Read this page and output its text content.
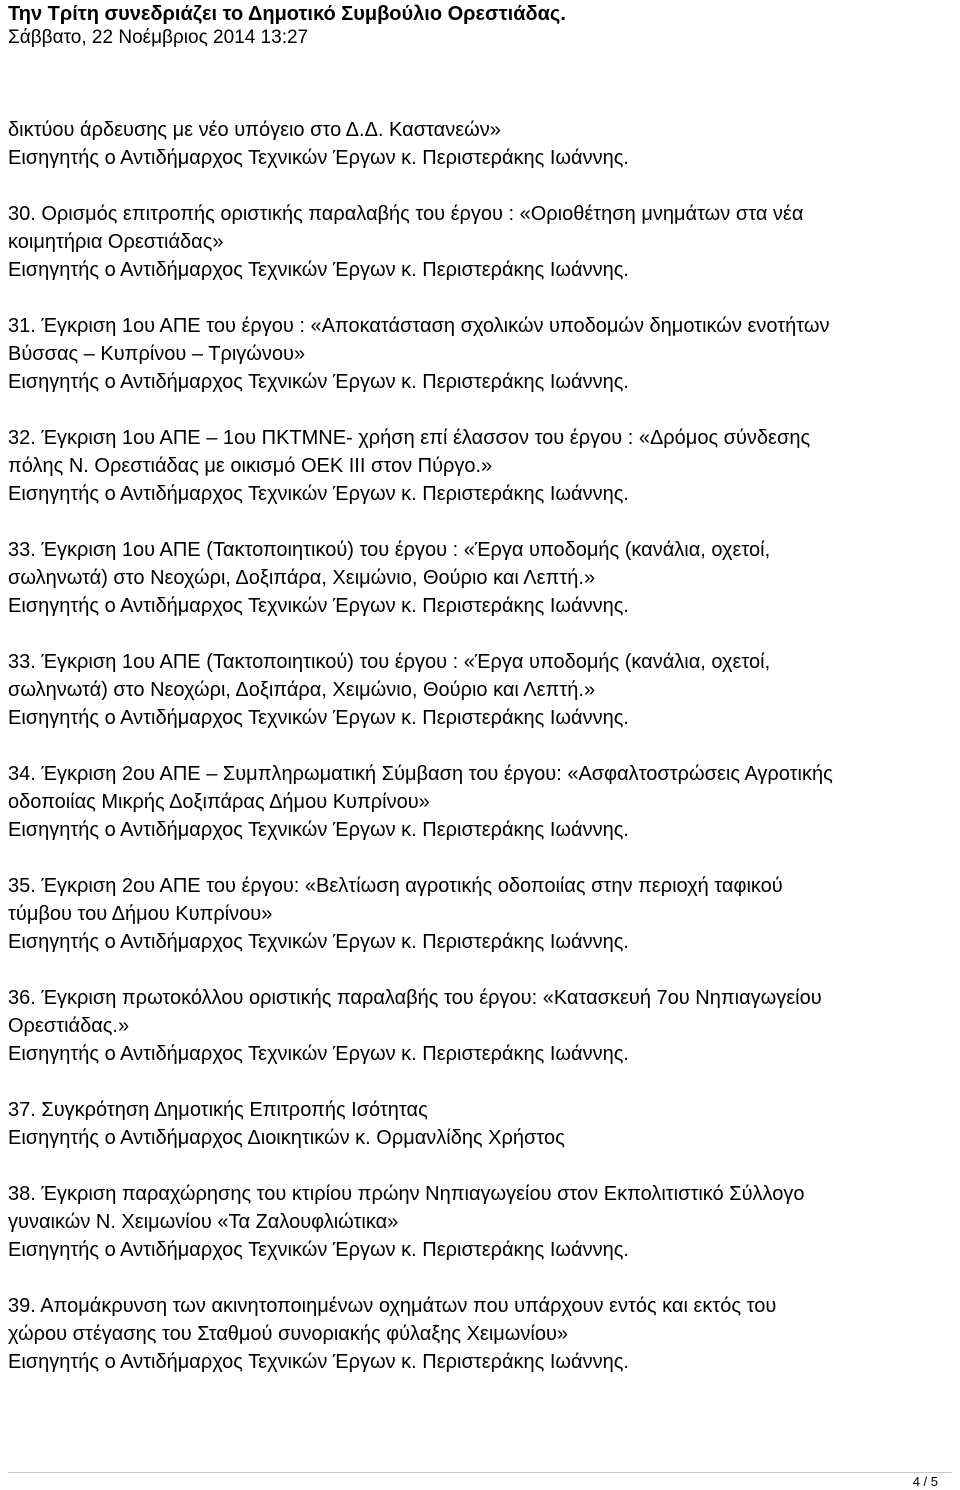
Την Τρίτη συνεδριάζει το Δημοτικό Συμβούλιο Ορεστιάδας.
Σάββατο, 22 Νοέμβριος 2014 13:27
δικτύου άρδευσης με νέο υπόγειο στο Δ.Δ. Καστανεών»
Εισηγητής ο Αντιδήμαρχος Τεχνικών Έργων κ. Περιστεράκης Ιωάννης.
30. Ορισμός επιτροπής οριστικής παραλαβής του έργου : «Οριοθέτηση μνημάτων στα νέα
κοιμητήρια Ορεστιάδας»
Εισηγητής ο Αντιδήμαρχος Τεχνικών Έργων κ. Περιστεράκης Ιωάννης.
31. Έγκριση 1ου ΑΠΕ του έργου : «Αποκατάσταση σχολικών υποδομών δημοτικών ενοτήτων
Βύσσας – Κυπρίνου – Τριγώνου»
Εισηγητής ο Αντιδήμαρχος Τεχνικών Έργων κ. Περιστεράκης Ιωάννης.
32. Έγκριση 1ου ΑΠΕ – 1ου ΠΚΤΜΝΕ- χρήση επί έλασσον του έργου : «Δρόμος σύνδεσης
πόλης Ν. Ορεστιάδας με οικισμό ΟΕΚ ΙΙΙ στον Πύργο.»
Εισηγητής ο Αντιδήμαρχος Τεχνικών Έργων κ. Περιστεράκης Ιωάννης.
33. Έγκριση 1ου ΑΠΕ (Τακτοποιητικού) του έργου : «Έργα υποδομής (κανάλια, οχετοί,
σωληνωτά) στο Νεοχώρι, Δοξιπάρα, Χειμώνιο, Θούριο και Λεπτή.»
Εισηγητής ο Αντιδήμαρχος Τεχνικών Έργων κ. Περιστεράκης Ιωάννης.
33. Έγκριση 1ου ΑΠΕ (Τακτοποιητικού) του έργου : «Έργα υποδομής (κανάλια, οχετοί,
σωληνωτά) στο Νεοχώρι, Δοξιπάρα, Χειμώνιο, Θούριο και Λεπτή.»
Εισηγητής ο Αντιδήμαρχος Τεχνικών Έργων κ. Περιστεράκης Ιωάννης.
34. Έγκριση 2ου ΑΠΕ – Συμπληρωματική Σύμβαση του έργου: «Ασφαλτοστρώσεις Αγροτικής
οδοποιίας Μικρής Δοξιπάρας Δήμου Κυπρίνου»
Εισηγητής ο Αντιδήμαρχος Τεχνικών Έργων κ. Περιστεράκης Ιωάννης.
35. Έγκριση 2ου ΑΠΕ του έργου: «Βελτίωση αγροτικής οδοποιίας στην περιοχή ταφικού
τύμβου του Δήμου Κυπρίνου»
Εισηγητής ο Αντιδήμαρχος Τεχνικών Έργων κ. Περιστεράκης Ιωάννης.
36. Έγκριση πρωτοκόλλου οριστικής παραλαβής του έργου: «Κατασκευή 7ου Νηπιαγωγείου
Ορεστιάδας.»
Εισηγητής ο Αντιδήμαρχος Τεχνικών Έργων κ. Περιστεράκης Ιωάννης.
37. Συγκρότηση Δημοτικής Επιτροπής Ισότητας
Εισηγητής ο Αντιδήμαρχος Διοικητικών κ. Ορμανλίδης Χρήστος
38. Έγκριση παραχώρησης του κτιρίου πρώην Νηπιαγωγείου στον Εκπολιτιστικό Σύλλογο
γυναικών Ν. Χειμωνίου «Τα Ζαλουφλιώτικα»
Εισηγητής ο Αντιδήμαρχος Τεχνικών Έργων κ. Περιστεράκης Ιωάννης.
39. Απομάκρυνση των ακινητοποιημένων οχημάτων που υπάρχουν εντός και εκτός του
χώρου στέγασης του Σταθμού συνοριακής φύλαξης Χειμωνίου»
Εισηγητής ο Αντιδήμαρχος Τεχνικών Έργων κ. Περιστεράκης Ιωάννης.
4 / 5
